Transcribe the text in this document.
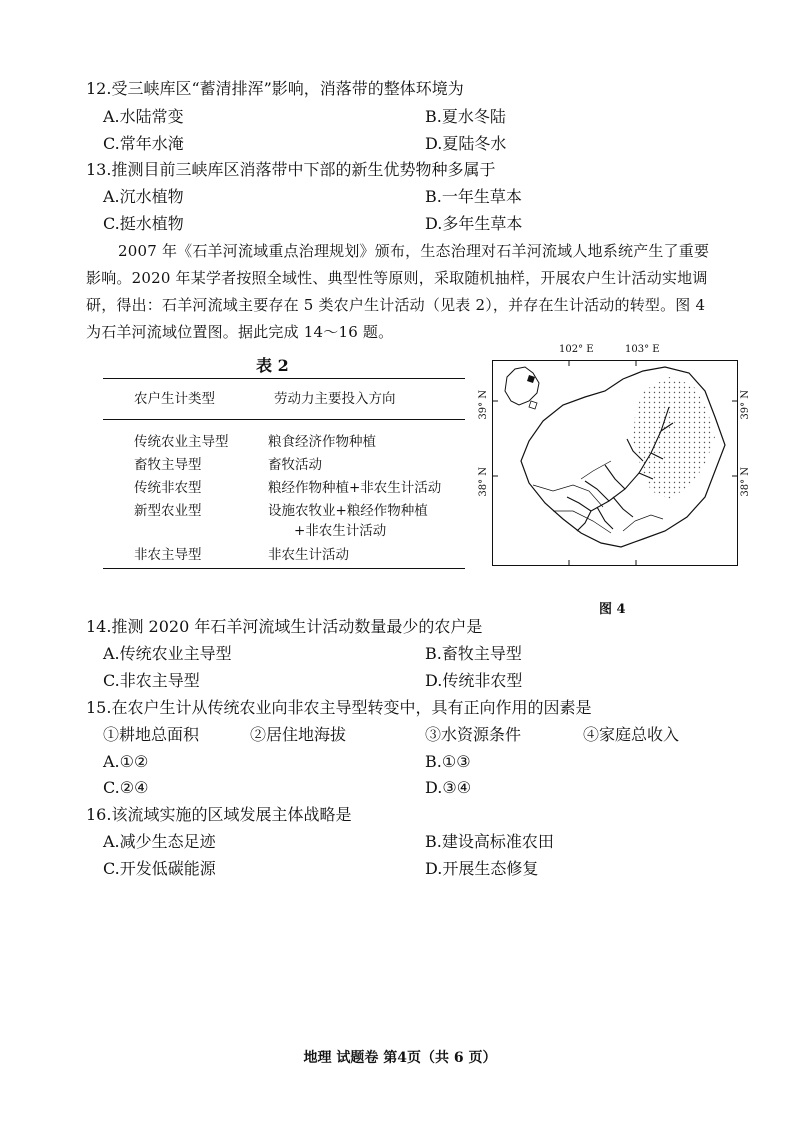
12.受三峡库区“蓄清排浑”影响，消落带的整体环境为
A.水陆常变	B.夏水冬陆
C.常年水淹	D.夏陆冬水
13.推测目前三峡库区消落带中下部的新生优势物种多属于
A.沉水植物	B.一年生草本
C.挺水植物	D.多年生草本
2007 年《石羊河流域重点治理规划》颁布，生态治理对石羊河流域人地系统产生了重要
影响。2020 年某学者按照全域性、典型性等原则，采取随机抽样，开展农户生计活动实地调
研，得出：石羊河流域主要存在 5 类农户生计活动（见表 2），并存在生计活动的转型。图 4
为石羊河流域位置图。据此完成 14～16 题。
表 2
农户生计类型	劳动力主要投入方向
传统农业主导型	粮食经济作物种植
畜牧主导型	畜牧活动
传统非农型	粮经作物种植+非农生计活动
新型农业型	设施农牧业+粮经作物种植
+非农生计活动
非农主导型	非农生计活动
102° E	103° E
39° N
38° N
39° N
38° N
图 4
14.推测 2020 年石羊河流域生计活动数量最少的农户是
A.传统农业主导型	B.畜牧主导型
C.非农主导型	D.传统非农型
15.在农户生计从传统农业向非农主导型转变中，具有正向作用的因素是
①耕地总面积	②居住地海拔	③水资源条件	④家庭总收入
A.①②	B.①③
C.②④	D.③④
16.该流域实施的区域发展主体战略是
A.减少生态足迹	B.建设高标准农田
C.开发低碳能源	D.开展生态修复
地理 试题卷 第4页（共 6 页）
